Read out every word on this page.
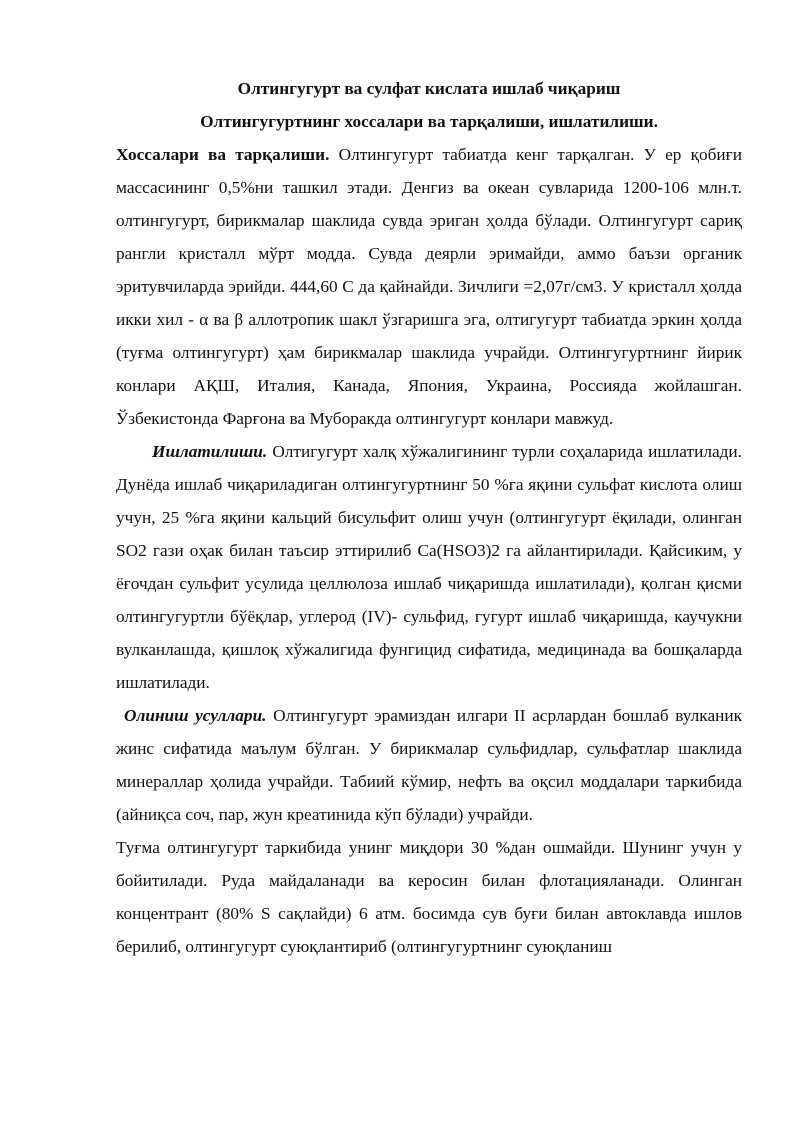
Олтингугурт ва сулфат кислата ишлаб чиқариш
Олтингугуртнинг хоссалари ва тарқалиши, ишлатилиши.

Хоссалари ва тарқалиши. Олтингугурт табиатда кенг тарқалган. У ер қобиғи массасининг 0,5%ни ташкил этади. Денгиз ва океан сувларида 1200-106 млн.т. олтингугурт, бирикмалар шаклида сувда эриган ҳолда бўлади. Олтингугурт сариқ рангли кристалл мўрт модда. Сувда деярли эримайди, аммо баъзи органик эритувчиларда эрийди. 444,60 С да қайнайди. Зичлиги =2,07г/см3. У кристалл ҳолда икки хил - α ва β аллотропик шакл ўзгаришга эга, олтигугурт табиатда эркин ҳолда (туғма олтингугурт) ҳам бирикмалар шаклида учрайди. Олтингугуртнинг йирик конлари АҚШ, Италия, Канада, Япония, Украина, Россияда жойлашган. Ўзбекистонда Фарғона ва Муборакда олтингугурт конлари мавжуд.

Ишлатилиши. Олтигугурт халқ хўжалигининг турли соҳаларида ишлатилади. Дунёда ишлаб чиқариладиган олтингугуртнинг 50 %га яқини сульфат кислота олиш учун, 25 %га яқини кальций бисульфит олиш учун (олтингугурт ёқилади, олинган SO2 гази оҳак билан таъсир эттирилиб Са(HSO3)2 га айлантирилади. Қайсиким, у ёғочдан сульфит усулида целлюлоза ишлаб чиқаришда ишлатилади), қолган қисми олтингугуртли бўёқлар, углерод (IV)- сульфид, гугурт ишлаб чиқаришда, каучукни вулканлашда, қишлоқ хўжалигида фунгицид сифатида, медицинада ва бошқаларда ишлатилади.

Олиниш усуллари. Олтингугурт эрамиздан илгари II асрлардан бошлаб вулканик жинс сифатида маълум бўлган. У бирикмалар сульфидлар, сульфатлар шаклида минераллар ҳолида учрайди. Табиий кўмир, нефть ва оқсил моддалари таркибида (айниқса соч, пар, жун креатинида кўп бўлади) учрайди.

Туғма олтингугурт таркибида унинг миқдори 30 %дан ошмайди. Шунинг учун у бойитилади. Руда майдаланади ва керосин билан флотацияланади. Олинган концентрант (80% S сақлайди) 6 атм. босимда сув буғи билан автоклавда ишлов берилиб, олтингугурт суюқлантириб (олтингугуртнинг суюқланиш
